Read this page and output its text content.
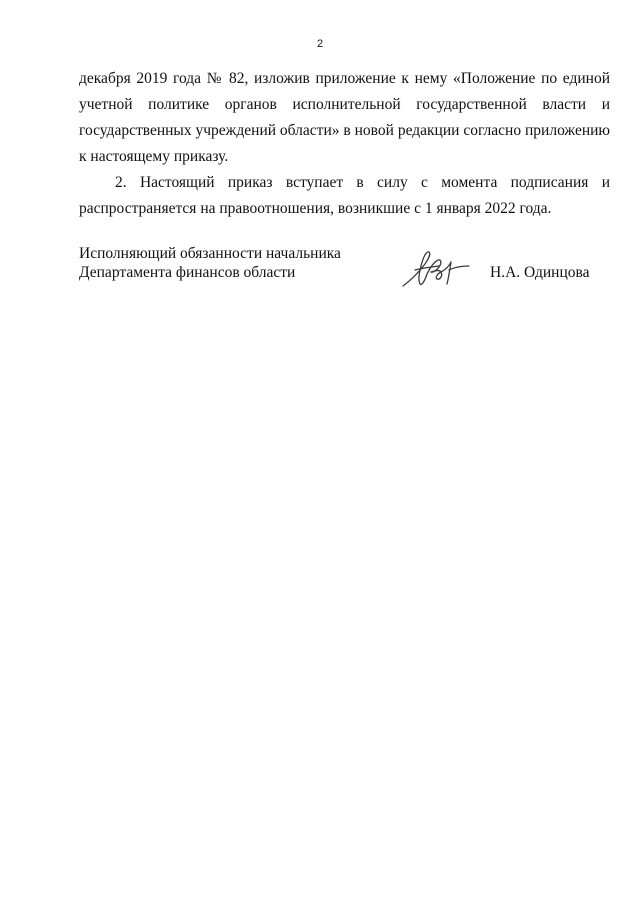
2

декабря 2019 года № 82, изложив приложение к нему «Положение по единой учетной политике органов исполнительной государственной власти и государственных учреждений области» в новой редакции согласно приложению к настоящему приказу.

2. Настоящий приказ вступает в силу с момента подписания и распространяется на правоотношения, возникшие с 1 января 2022 года.

Исполняющий обязанности начальника
Департамента финансов области	Н.А. Одинцова
